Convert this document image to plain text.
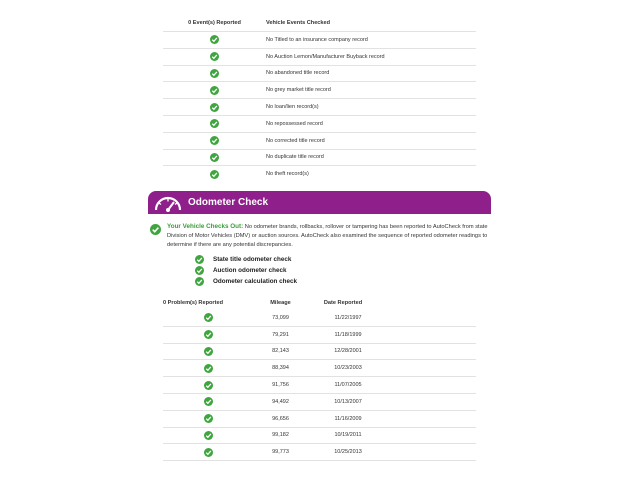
0 Event(s) Reported	Vehicle Events Checked
No Titled to an insurance company record
No Auction Lemon/Manufacturer Buyback record
No abandoned title record
No grey market title record
No loan/lien record(s)
No repossessed record
No corrected title record
No duplicate title record
No theft record(s)
Odometer Check
Your Vehicle Checks Out: No odometer brands, rollbacks, rollover or tampering has been reported to AutoCheck from state Division of Motor Vehicles (DMV) or auction sources. AutoCheck also examined the sequence of reported odometer readings to determine if there are any potential discrepancies.
State title odometer check
Auction odometer check
Odometer calculation check
0 Problem(s) Reported	Mileage	Date Reported
73,099	11/22/1997
79,291	11/18/1999
82,143	12/28/2001
88,394	10/23/2003
91,756	11/07/2005
94,492	10/13/2007
96,656	11/16/2009
99,182	10/19/2011
99,773	10/25/2013
